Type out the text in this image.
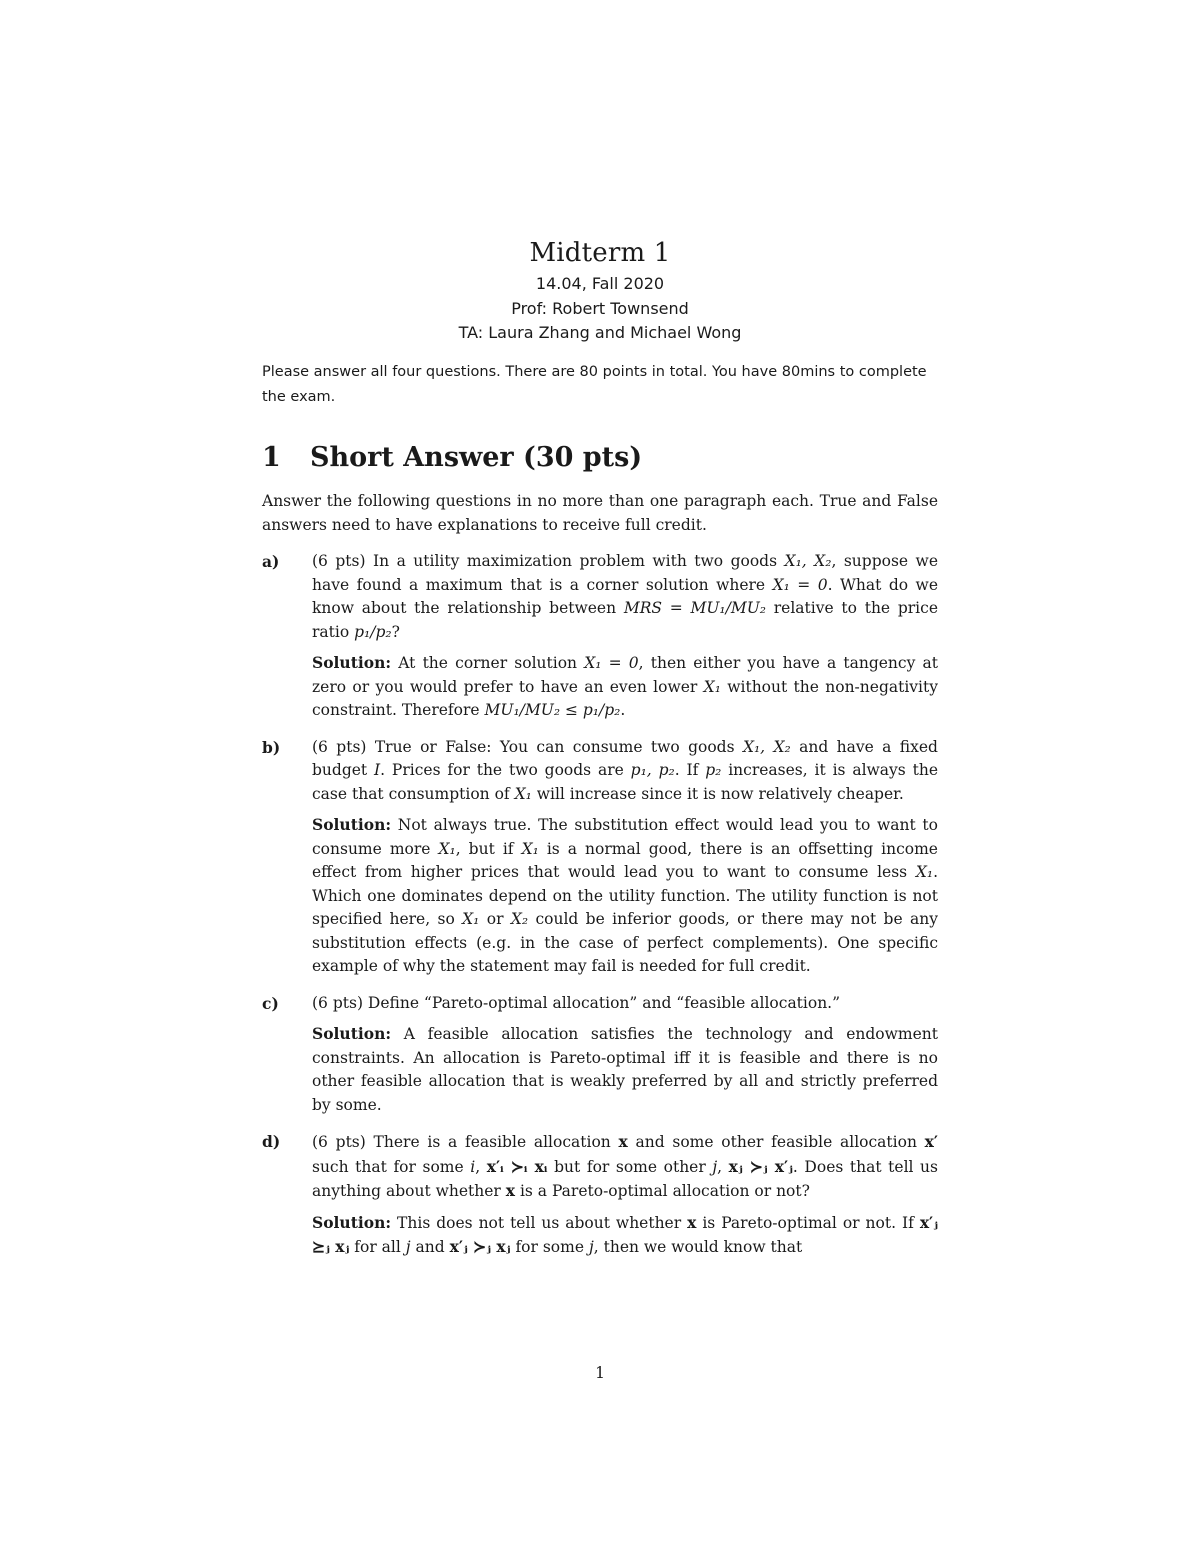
Midterm 1
14.04, Fall 2020
Prof: Robert Townsend
TA: Laura Zhang and Michael Wong
Please answer all four questions. There are 80 points in total. You have 80mins to complete the exam.
1 Short Answer (30 pts)

Answer the following questions in no more than one paragraph each. True and False answers need to have explanations to receive full credit.

a) (6 pts) In a utility maximization problem with two goods X₁, X₂, suppose we have found a maximum that is a corner solution where X₁ = 0. What do we know about the relationship between MRS = MU₁/MU₂ relative to the price ratio p₁/p₂?
Solution: At the corner solution X₁ = 0, then either you have a tangency at zero or you would prefer to have an even lower X₁ without the non-negativity constraint. Therefore MU₁/MU₂ ≤ p₁/p₂.
b) (6 pts) True or False: You can consume two goods X₁, X₂ and have a fixed budget I. Prices for the two goods are p₁, p₂. If p₂ increases, it is always the case that consumption of X₁ will increase since it is now relatively cheaper.
Solution: Not always true. The substitution effect would lead you to want to consume more X₁, but if X₁ is a normal good, there is an offsetting income effect from higher prices that would lead you to want to consume less X₁. Which one dominates depend on the utility function. The utility function is not specified here, so X₁ or X₂ could be inferior goods, or there may not be any substitution effects (e.g. in the case of perfect complements). One specific example of why the statement may fail is needed for full credit.
c) (6 pts) Define “Pareto-optimal allocation” and “feasible allocation.”
Solution: A feasible allocation satisfies the technology and endowment constraints. An allocation is Pareto-optimal iff it is feasible and there is no other feasible allocation that is weakly preferred by all and strictly preferred by some.
d) (6 pts) There is a feasible allocation x and some other feasible allocation x′ such that for some i, x′ᵢ ≻ᵢ xᵢ but for some other j, xⱼ ≻ⱼ x′ⱼ. Does that tell us anything about whether x is a Pareto-optimal allocation or not?
Solution: This does not tell us about whether x is Pareto-optimal or not. If x′ⱼ ⪰ⱼ xⱼ for all j and x′ⱼ ≻ⱼ xⱼ for some j, then we would know that
1
